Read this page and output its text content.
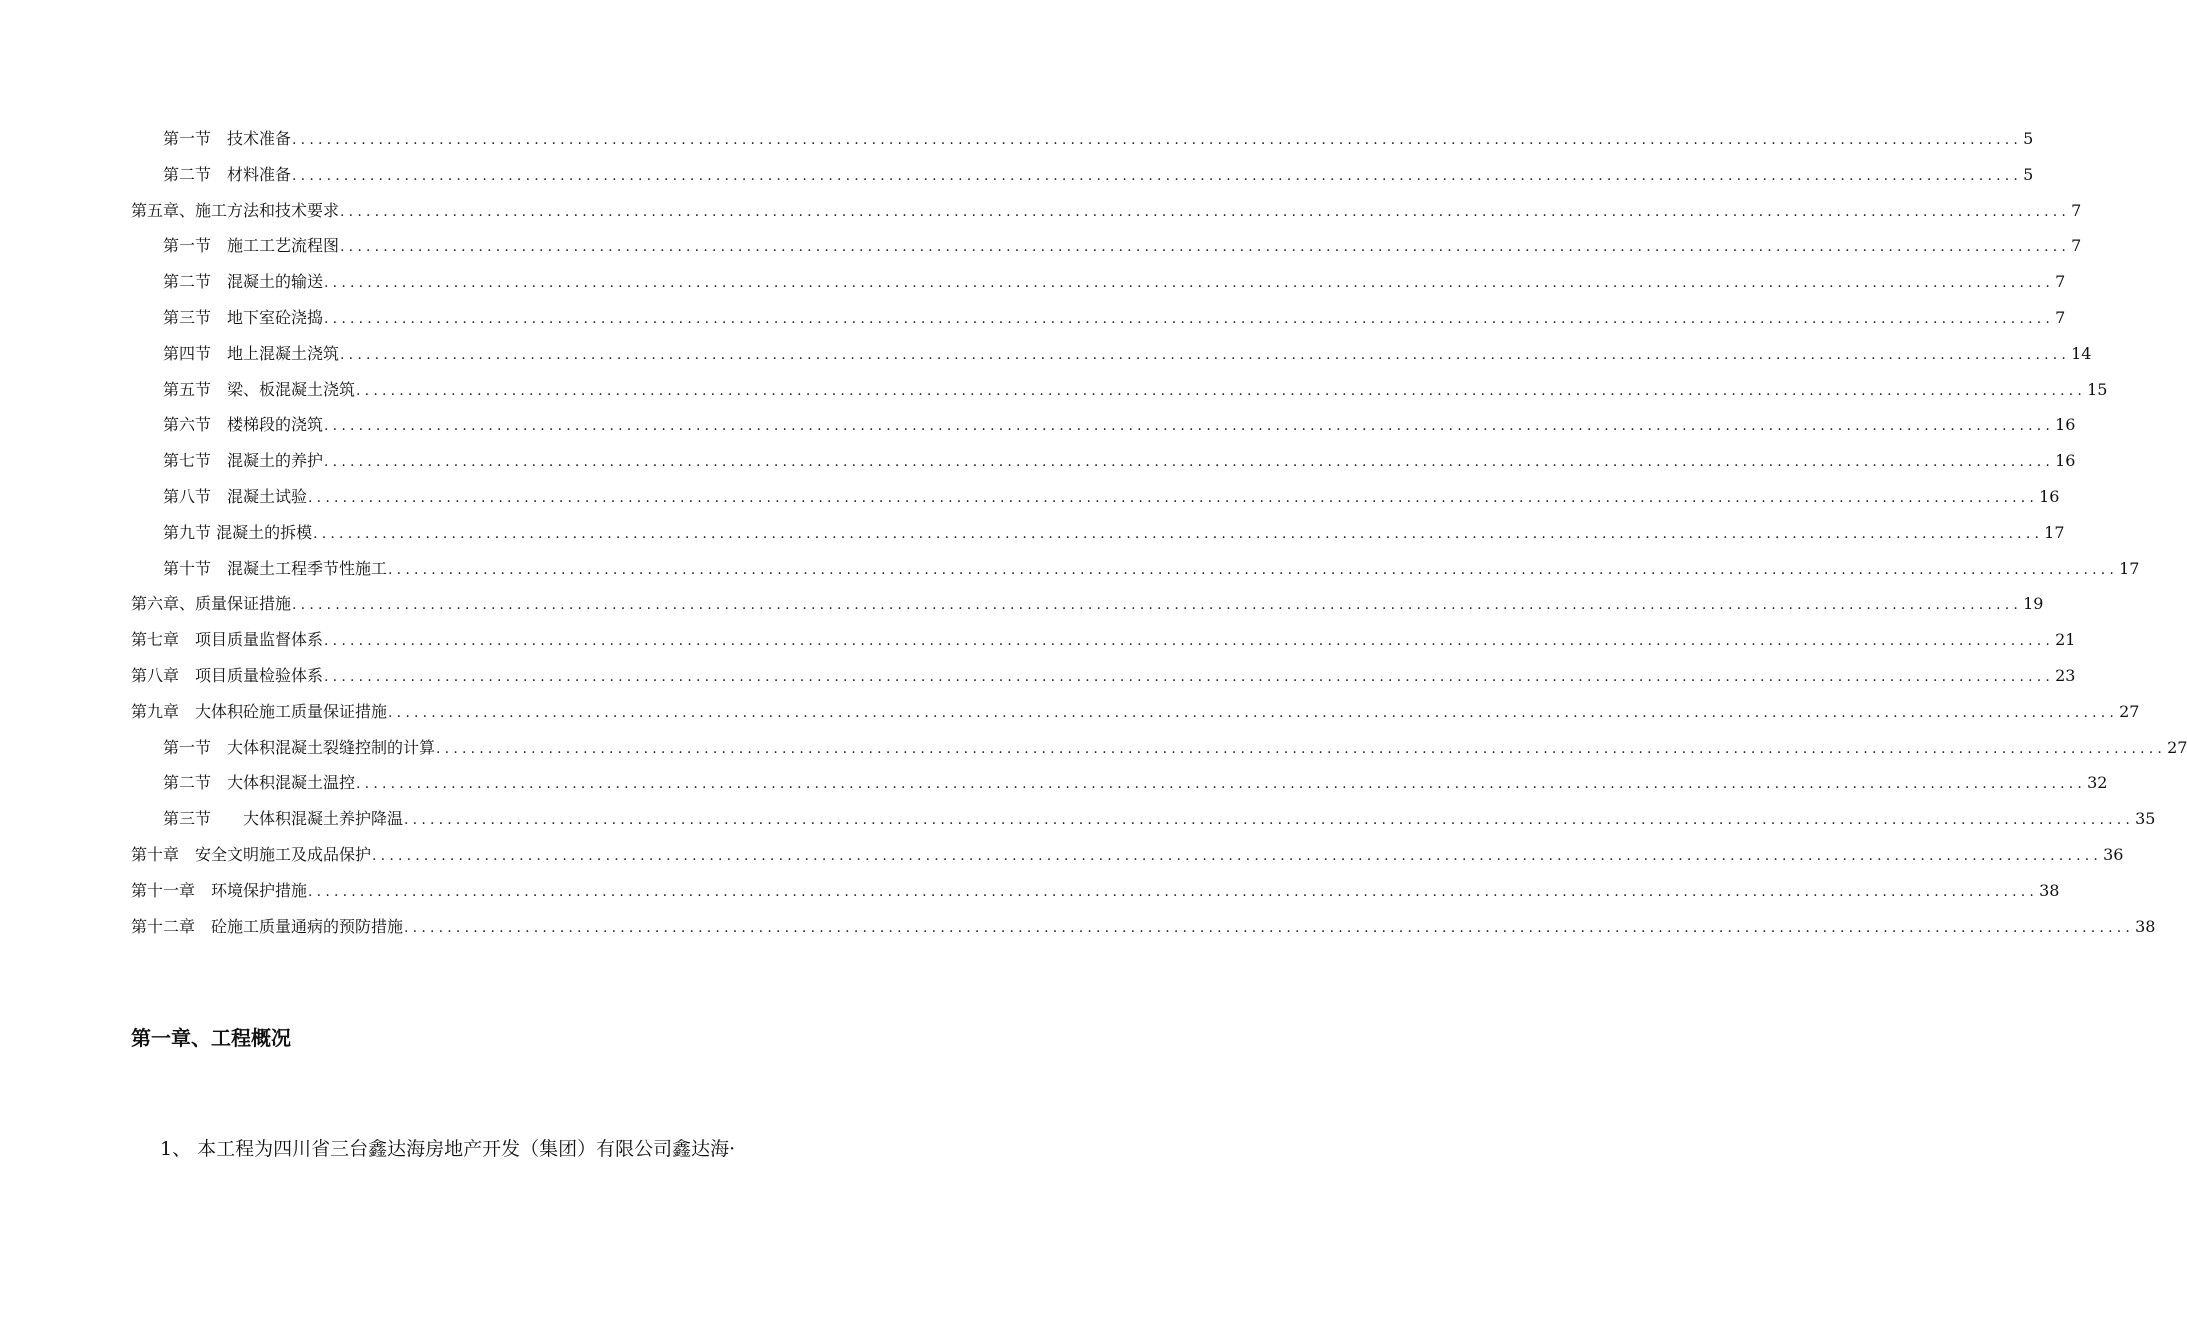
第一节　技术准备 ........................................................................................................................................................................................................ 5
第二节　材料准备 ........................................................................................................................................................................................................ 5
第五章、施工方法和技术要求 ........................................................................................................................................................................................................ 7
第一节　施工工艺流程图 ........................................................................................................................................................................................................ 7
第二节　混凝土的输送 ........................................................................................................................................................................................................ 7
第三节　地下室砼浇捣 ........................................................................................................................................................................................................ 7
第四节　地上混凝土浇筑 ........................................................................................................................................................................................................ 14
第五节　梁、板混凝土浇筑 ........................................................................................................................................................................................................ 15
第六节　楼梯段的浇筑 ........................................................................................................................................................................................................ 16
第七节　混凝土的养护 ........................................................................................................................................................................................................ 16
第八节　混凝土试验 ........................................................................................................................................................................................................ 16
第九节 混凝土的拆模 ........................................................................................................................................................................................................ 17
第十节　混凝土工程季节性施工 ........................................................................................................................................................................................................ 17
第六章、质量保证措施 ........................................................................................................................................................................................................ 19
第七章　项目质量监督体系 ........................................................................................................................................................................................................ 21
第八章　项目质量检验体系 ........................................................................................................................................................................................................ 23
第九章　大体积砼施工质量保证措施 ........................................................................................................................................................................................................ 27
第一节　大体积混凝土裂缝控制的计算 ........................................................................................................................................................................................................ 27
第二节　大体积混凝土温控 ........................................................................................................................................................................................................ 32
第三节　　大体积混凝土养护降温 ........................................................................................................................................................................................................ 35
第十章　安全文明施工及成品保护 ........................................................................................................................................................................................................ 36
第十一章　环境保护措施 ........................................................................................................................................................................................................ 38
第十二章　砼施工质量通病的预防措施 ........................................................................................................................................................................................................ 38
第一章、工程概况

1、 本工程为四川省三台鑫达海房地产开发（集团）有限公司鑫达海·
